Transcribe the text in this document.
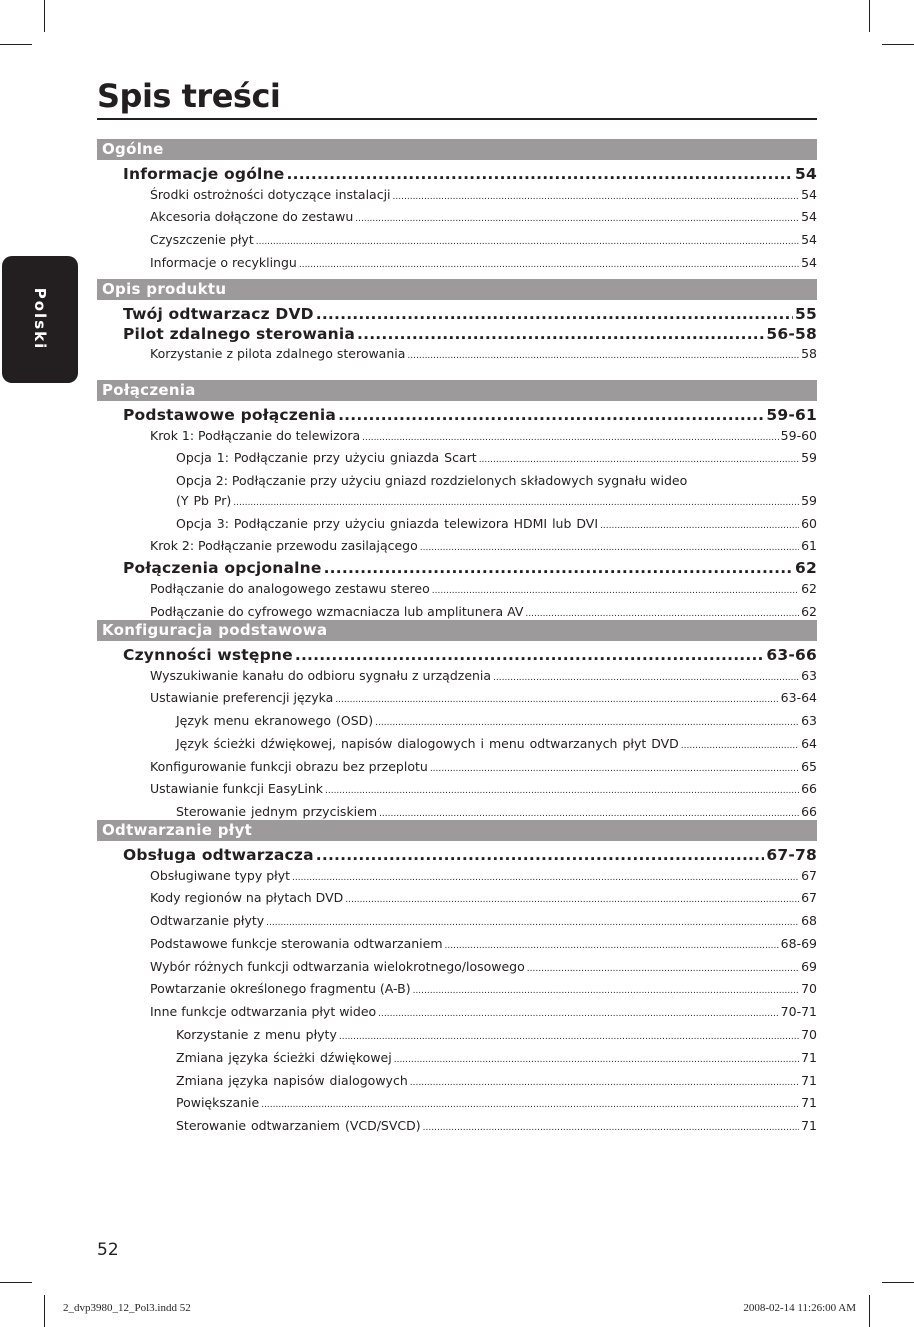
Spis treści
Polski
Ogólne
Informacje ogólne .....	54
Środki ostrożności dotyczące instalacji .....	54
Akcesoria dołączone do zestawu .....	54
Czyszczenie płyt .....	54
Informacje o recyklingu .....	54
Opis produktu
Twój odtwarzacz DVD .....	55
Pilot zdalnego sterowania .....	56-58
Korzystanie z pilota zdalnego sterowania .....	58
Połączenia
Podstawowe połączenia .....	59-61
Krok 1: Podłączanie do telewizora .....	59-60
Opcja 1: Podłączanie przy użyciu gniazda Scart .....	59
Opcja 2: Podłączanie przy użyciu gniazd rozdzielonych składowych sygnału wideo
(Y Pb Pr) .....	59
Opcja 3: Podłączanie przy użyciu gniazda telewizora HDMI lub DVI .....	60
Krok 2: Podłączanie przewodu zasilającego .....	61
Połączenia opcjonalne .....	62
Podłączanie do analogowego zestawu stereo .....	62
Podłączanie do cyfrowego wzmacniacza lub amplitunera AV .....	62
Konfiguracja podstawowa
Czynności wstępne .....	63-66
Wyszukiwanie kanału do odbioru sygnału z urządzenia .....	63
Ustawianie preferencji języka .....	63-64
Język menu ekranowego (OSD) .....	63
Język ścieżki dźwiękowej, napisów dialogowych i menu odtwarzanych płyt DVD .....	64
Konfigurowanie funkcji obrazu bez przeplotu .....	65
Ustawianie funkcji EasyLink .....	66
Sterowanie jednym przyciskiem .....	66
Odtwarzanie płyt
Obsługa odtwarzacza .....	67-78
Obsługiwane typy płyt .....	67
Kody regionów na płytach DVD .....	67
Odtwarzanie płyty .....	68
Podstawowe funkcje sterowania odtwarzaniem .....	68-69
Wybór różnych funkcji odtwarzania wielokrotnego/losowego .....	69
Powtarzanie określonego fragmentu (A-B) .....	70
Inne funkcje odtwarzania płyt wideo .....	70-71
Korzystanie z menu płyty .....	70
Zmiana języka ścieżki dźwiękowej .....	71
Zmiana języka napisów dialogowych .....	71
Powiększanie .....	71
Sterowanie odtwarzaniem (VCD/SVCD) .....	71
52
2_dvp3980_12_Pol3.indd 52	2008-02-14 11:26:00 AM
